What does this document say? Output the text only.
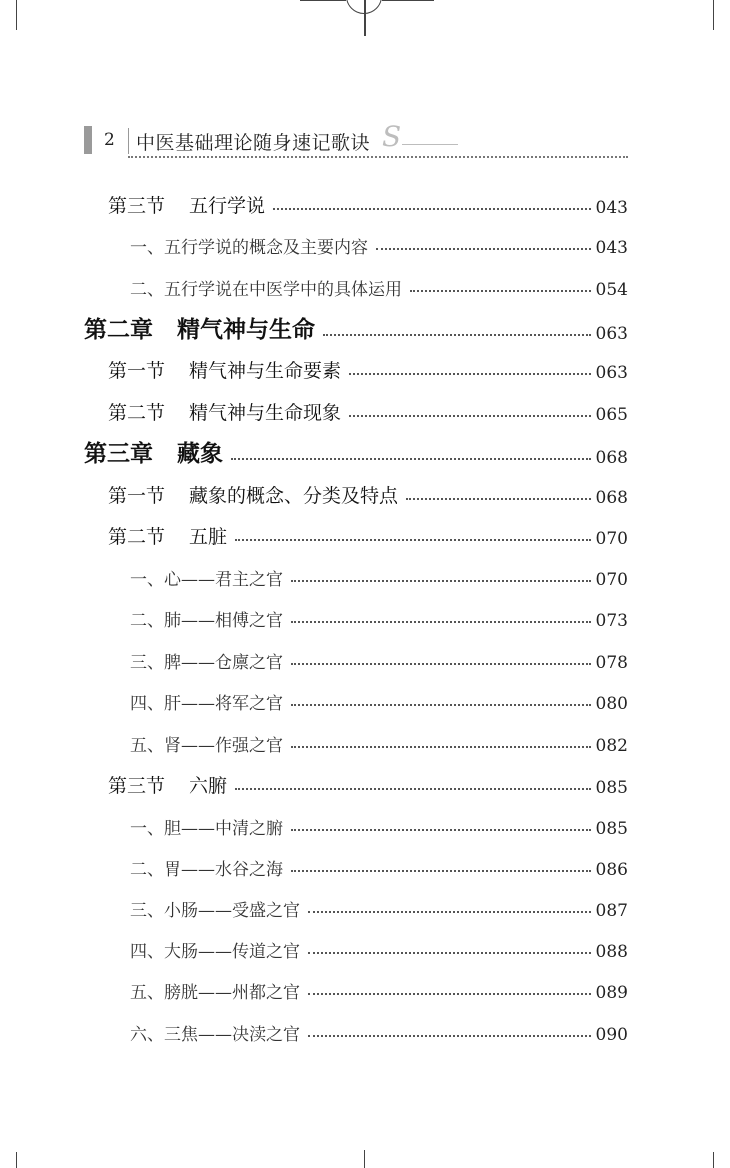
2 中医基础理论随身速记歌诀 S
第三节 五行学说	043
一、五行学说的概念及主要内容	043
二、五行学说在中医学中的具体运用	054
第二章 精气神与生命	063
第一节 精气神与生命要素	063
第二节 精气神与生命现象	065
第三章 藏象	068
第一节 藏象的概念、分类及特点	068
第二节 五脏	070
一、心——君主之官	070
二、肺——相傅之官	073
三、脾——仓廪之官	078
四、肝——将军之官	080
五、肾——作强之官	082
第三节 六腑	085
一、胆——中清之腑	085
二、胃——水谷之海	086
三、小肠——受盛之官	087
四、大肠——传道之官	088
五、膀胱——州都之官	089
六、三焦——决渎之官	090
